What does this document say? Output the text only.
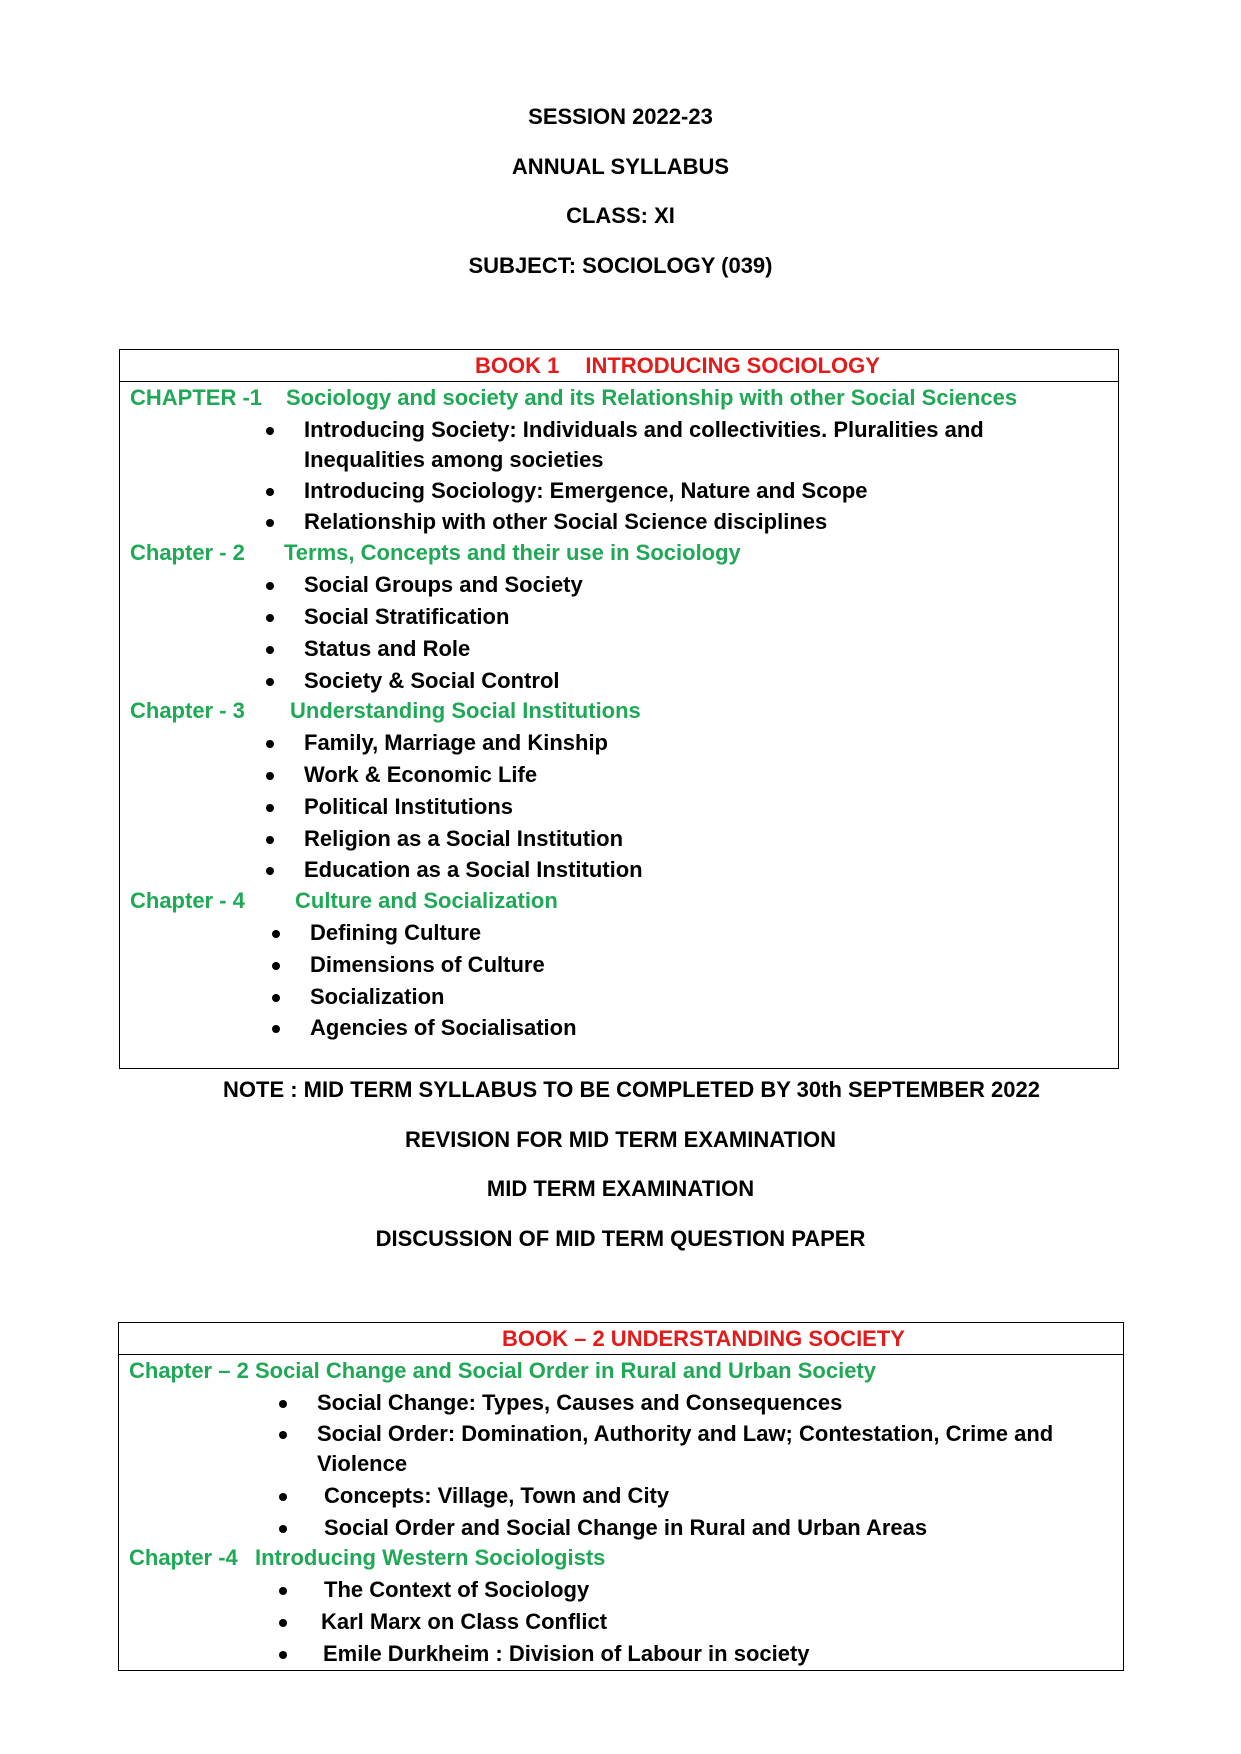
SESSION 2022-23

ANNUAL SYLLABUS

CLASS: XI

SUBJECT: SOCIOLOGY (039)

BOOK 1 INTRODUCING SOCIOLOGY

CHAPTER -1 Sociology and society and its Relationship with other Social Sciences

Introducing Society: Individuals and collectivities. Pluralities and Inequalities among societies

Introducing Sociology: Emergence, Nature and Scope

Relationship with other Social Science disciplines

Chapter - 2 Terms, Concepts and their use in Sociology

Social Groups and Society

Social Stratification

Status and Role

Society & Social Control

Chapter - 3 Understanding Social Institutions

Family, Marriage and Kinship

Work & Economic Life

Political Institutions

Religion as a Social Institution

Education as a Social Institution

Chapter - 4 Culture and Socialization

Defining Culture

Dimensions of Culture

Socialization

Agencies of Socialisation

NOTE : MID TERM SYLLABUS TO BE COMPLETED BY 30th SEPTEMBER 2022

REVISION FOR MID TERM EXAMINATION

MID TERM EXAMINATION

DISCUSSION OF MID TERM QUESTION PAPER

BOOK – 2 UNDERSTANDING SOCIETY

Chapter – 2 Social Change and Social Order in Rural and Urban Society

Social Change: Types, Causes and Consequences

Social Order: Domination, Authority and Law; Contestation, Crime and Violence

Concepts: Village, Town and City

Social Order and Social Change in Rural and Urban Areas

Chapter -4 Introducing Western Sociologists

The Context of Sociology

Karl Marx on Class Conflict

Emile Durkheim : Division of Labour in society
